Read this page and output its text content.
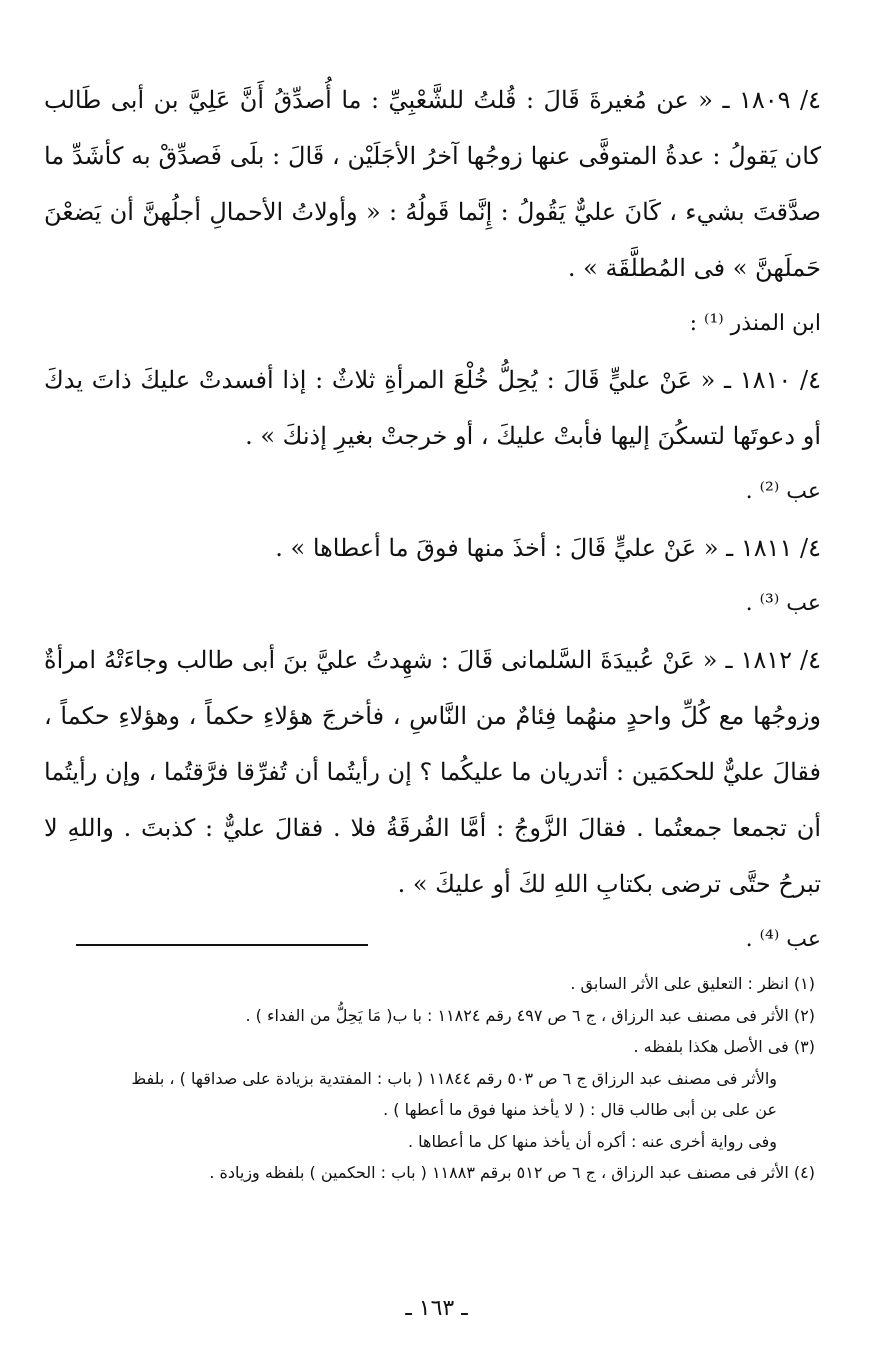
٤/ ١٨٠٩ ـ « عن مُغيرةَ قَالَ : قُلتُ للشَّعْبِيِّ : ما أُصدِّقُ أَنَّ عَلِيَّ بن أبى طَالب كان يَقولُ : عدةُ المتوفَّى عنها زوجُها آخرُ الأجَلَيْن ، قَالَ : بلَى فَصدِّقْ به كأشَدِّ ما صدَّقتَ بشيء ، كَانَ عليٌّ يَقُولُ : إِنَّما قَولُهُ : « وأولاتُ الأحمالِ أجلُهنَّ أن يَضعْنَ حَملَهنَّ » فى المُطلَّقَة » .

ابن المنذر ⁽¹⁾ :

٤/ ١٨١٠ ـ « عَنْ عليٍّ قَالَ : يُحِلُّ خُلْعَ المرأةِ ثلاثٌ : إذا أفسدتْ عليكَ ذاتَ يدكَ أو دعوتَها لتسكُنَ إليها فأبتْ عليكَ ، أو خرجتْ بغيرِ إذنكَ » .

عب ⁽²⁾ .

٤/ ١٨١١ ـ « عَنْ عليٍّ قَالَ : أخذَ منها فوقَ ما أعطاها » .

عب ⁽³⁾ .

٤/ ١٨١٢ ـ « عَنْ عُبيدَةَ السَّلمانى قَالَ : شهِدتُ عليَّ بنَ أبى طالب وجاءَتْهُ امرأةٌ وزوجُها مع كُلِّ واحدٍ منهُما فِئامٌ من النَّاسِ ، فأخرجَ هؤلاءِ حكماً ، وهؤلاءِ حكماً ، فقالَ عليٌّ للحكمَين : أتدريان ما عليكُما ؟ إن رأيتُما أن تُفرِّقا فرَّقتُما ، وإن رأيتُما أن تجمعا جمعتُما . فقالَ الزَّوجُ : أمَّا الفُرقَةُ فلا . فقالَ عليٌّ : كذبتَ . واللهِ لا تبرحُ حتَّى ترضى بكتابِ اللهِ لكَ أو عليكَ » .

عب ⁽⁴⁾ .

(١) انظر : التعليق على الأثر السابق .

(٢) الأثر فى مصنف عبد الرزاق ، ج ٦ ص ٤٩٧ رقم ١١٨٢٤ : با ب( مَا يَحِلُّ من الفداء ) .

(٣) فى الأصل هكذا بلفظه .

والأثر فى مصنف عبد الرزاق ج ٦ ص ٥٠٣ رقم ١١٨٤٤ ( باب : المفتدية بزيادة على صداقها ) ، بلفظ

عن على بن أبى طالب قال : ( لا يأخذ منها فوق ما أعطها ) .

وفى رواية أخرى عنه : أكره أن يأخذ منها كل ما أعطاها .

(٤) الأثر فى مصنف عبد الرزاق ، ج ٦ ص ٥١٢ برقم ١١٨٨٣ ( باب : الحكمين ) بلفظه وزيادة .

ـ ١٦٣ ـ
